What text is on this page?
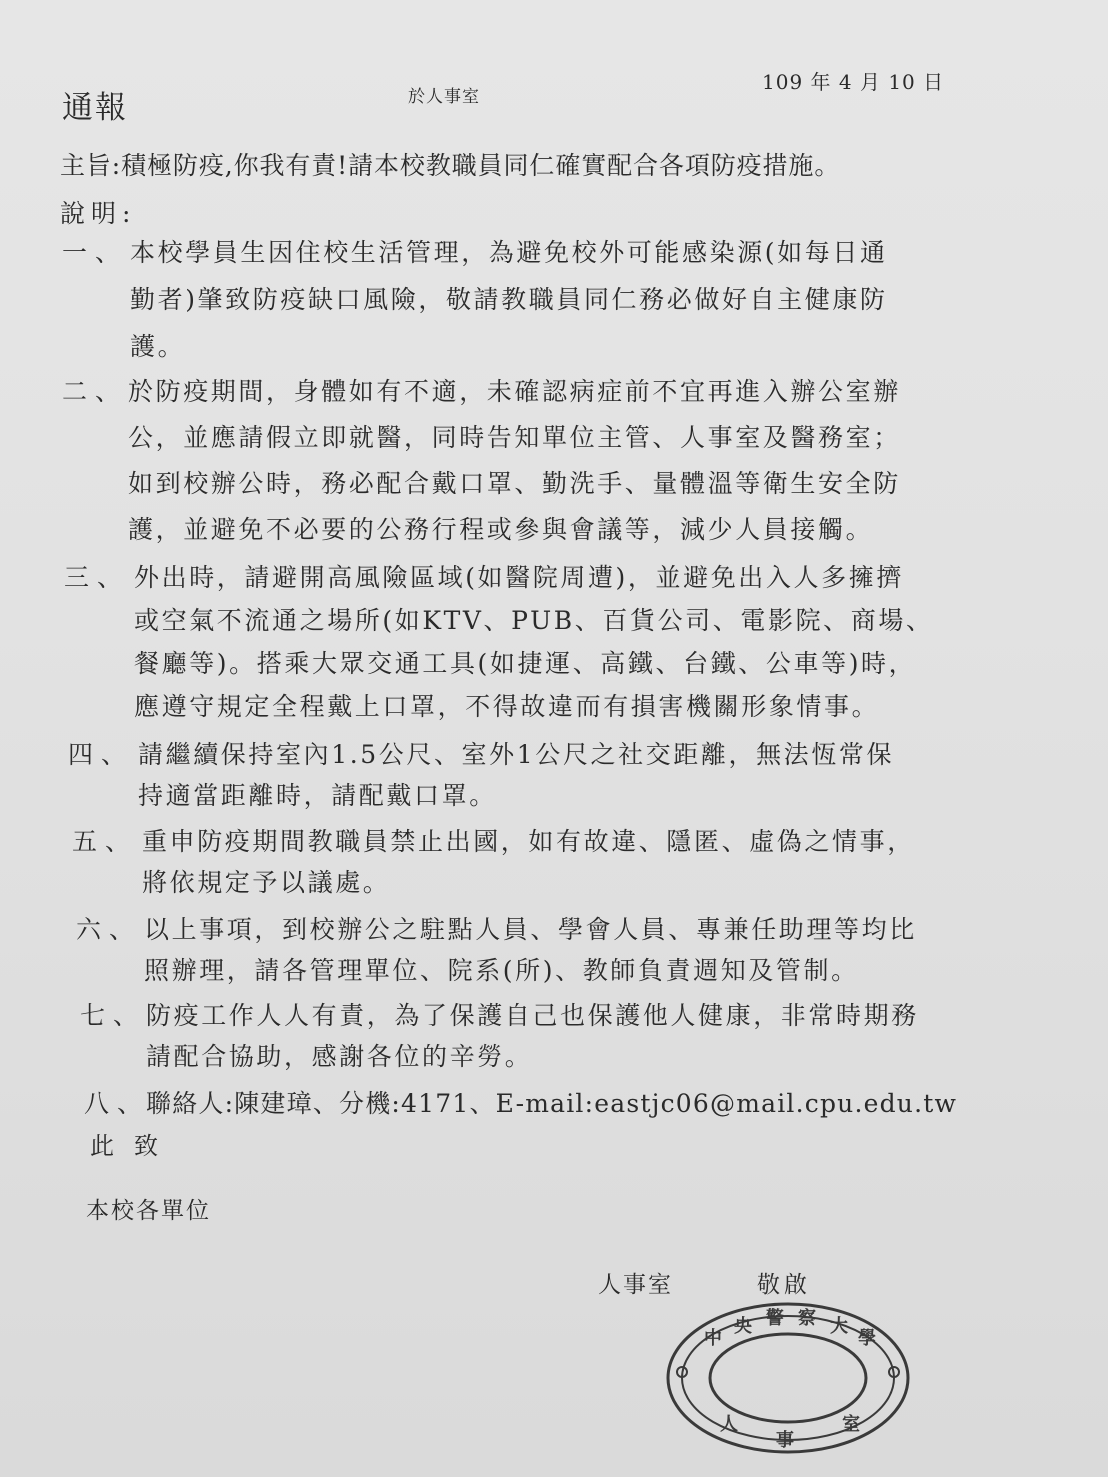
通報	於人事室
109 年 4 月 10 日
主旨:積極防疫,你我有責!請本校教職員同仁確實配合各項防疫措施。
說明:
一、 本校學員生因住校生活管理，為避免校外可能感染源(如每日通
勤者)肇致防疫缺口風險，敬請教職員同仁務必做好自主健康防
護。
二、 於防疫期間，身體如有不適，未確認病症前不宜再進入辦公室辦
公，並應請假立即就醫，同時告知單位主管、人事室及醫務室；
如到校辦公時，務必配合戴口罩、勤洗手、量體溫等衛生安全防
護，並避免不必要的公務行程或參與會議等，減少人員接觸。
三、 外出時，請避開高風險區域(如醫院周遭)，並避免出入人多擁擠
或空氣不流通之場所(如KTV、PUB、百貨公司、電影院、商場、
餐廳等)。搭乘大眾交通工具(如捷運、高鐵、台鐵、公車等)時，
應遵守規定全程戴上口罩，不得故違而有損害機關形象情事。
四、 請繼續保持室內1.5公尺、室外1公尺之社交距離，無法恆常保
持適當距離時，請配戴口罩。
五、 重申防疫期間教職員禁止出國，如有故違、隱匿、虛偽之情事，
將依規定予以議處。
六、 以上事項，到校辦公之駐點人員、學會人員、專兼任助理等均比
照辦理，請各管理單位、院系(所)、教師負責週知及管制。
七、 防疫工作人人有責，為了保護自己也保護他人健康，非常時期務
請配合協助，感謝各位的辛勞。
八、
聯絡人:陳建璋、分機:4171、E-mail:eastjc06@mail.cpu.edu.tw
此致
本校各單位
人事室	敬啟
中
央 警 察 大
學
人
事
室
